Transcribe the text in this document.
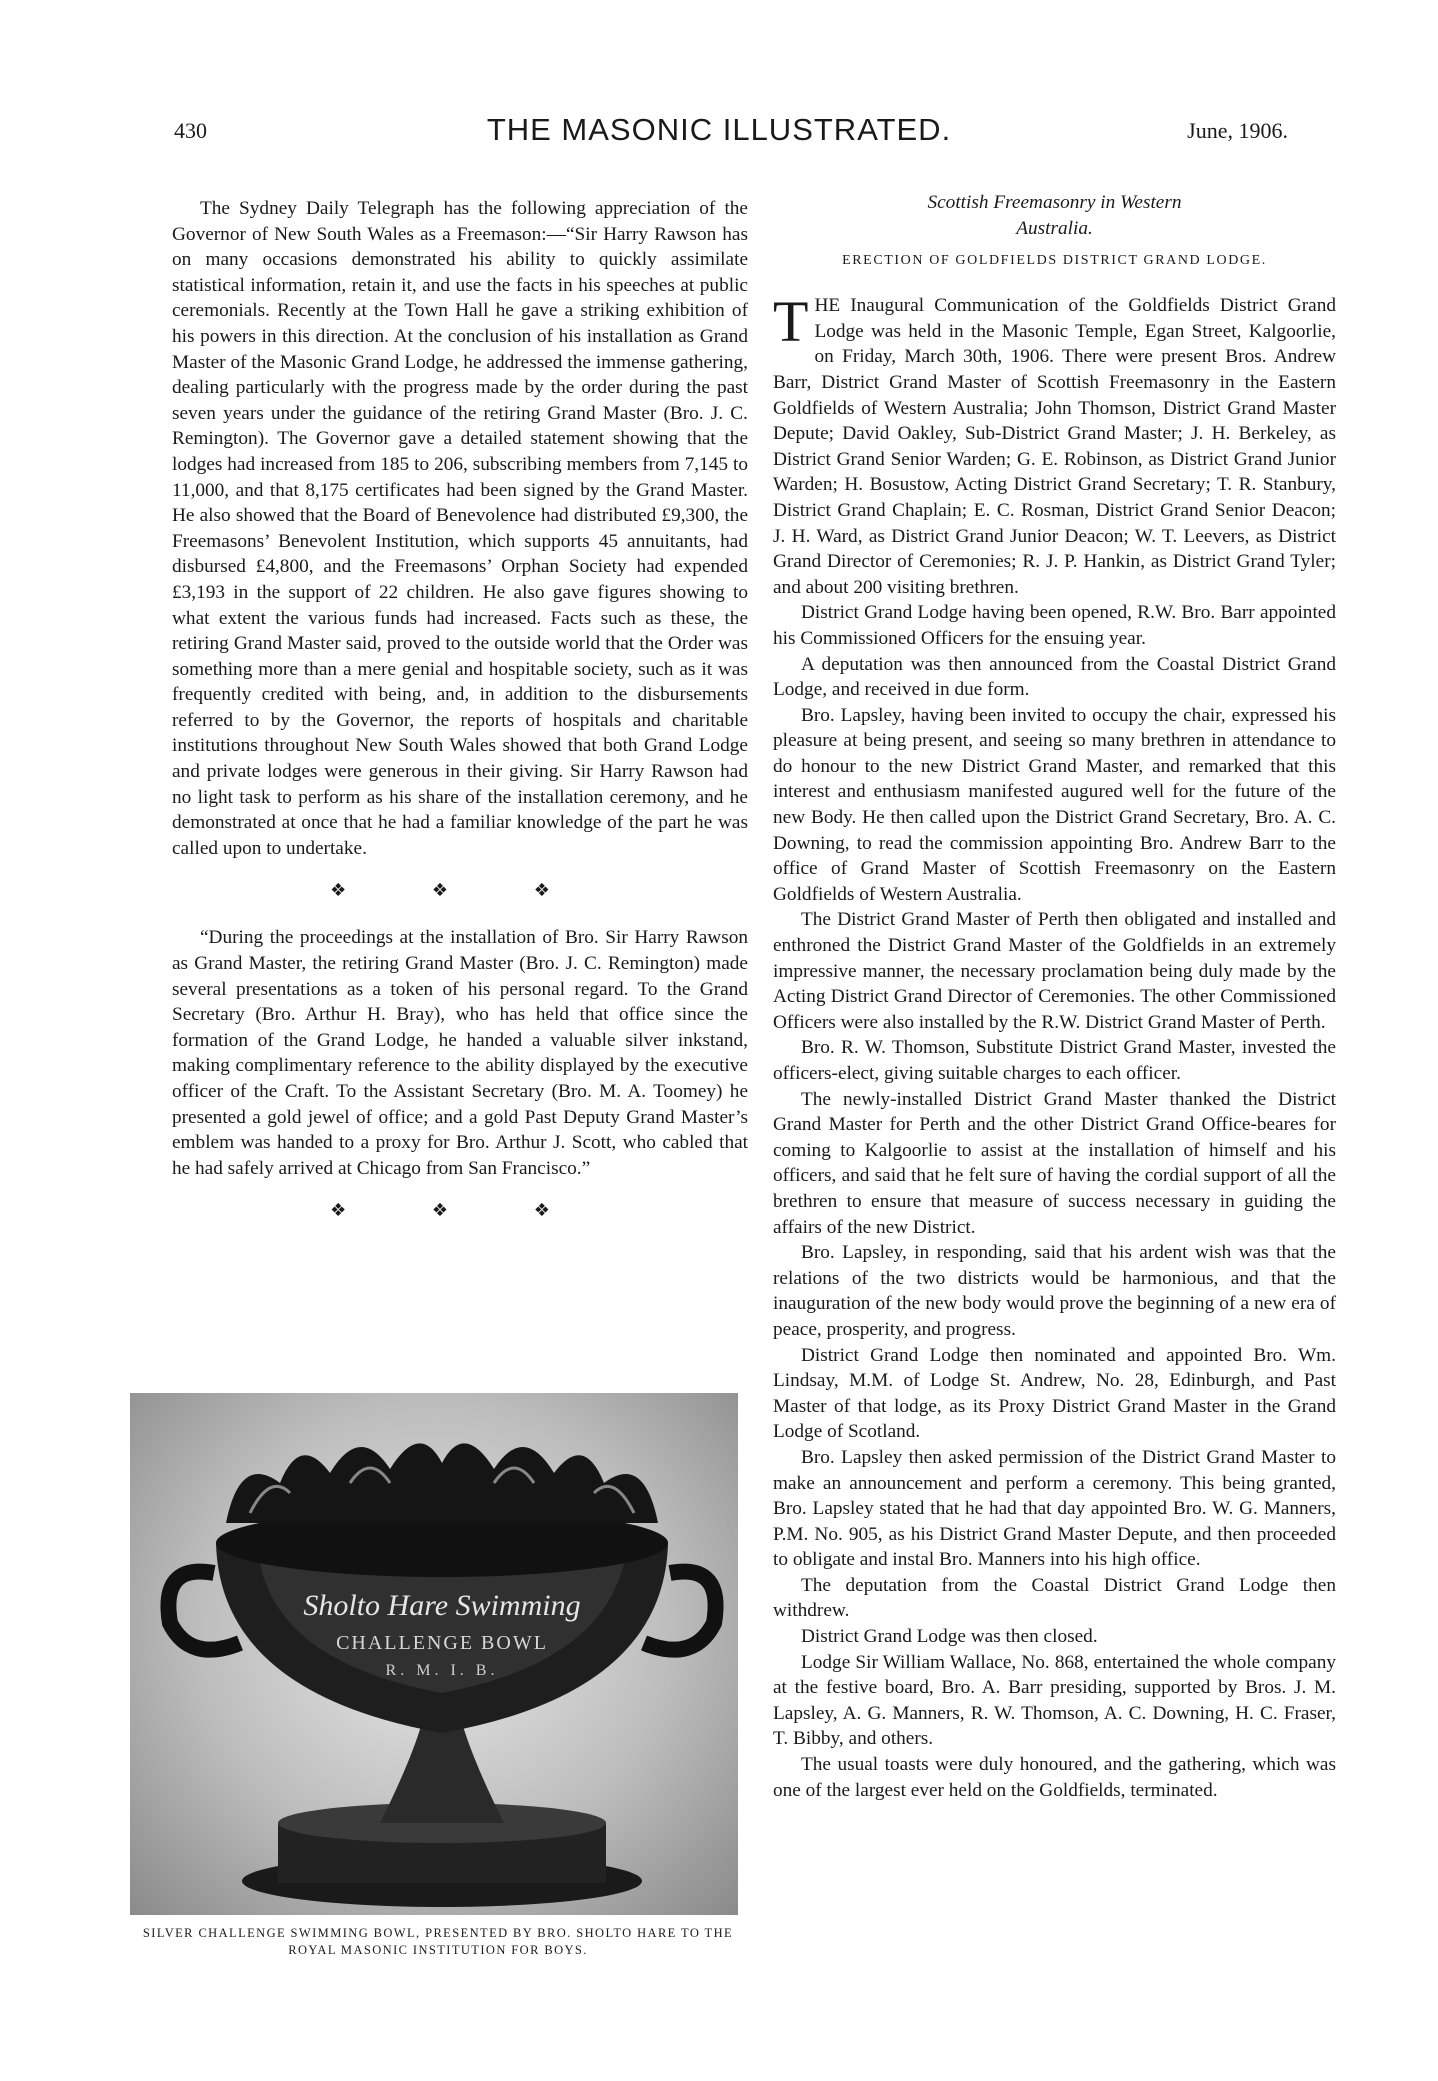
430	THE MASONIC ILLUSTRATED.	June, 1906.

The Sydney Daily Telegraph has the following appreciation of the Governor of New South Wales as a Freemason:—“Sir Harry Rawson has on many occasions demonstrated his ability to quickly assimilate statistical information, retain it, and use the facts in his speeches at public ceremonials. Recently at the Town Hall he gave a striking exhibition of his powers in this direction. At the conclusion of his installation as Grand Master of the Masonic Grand Lodge, he addressed the immense gathering, dealing particularly with the progress made by the order during the past seven years under the guidance of the retiring Grand Master (Bro. J. C. Remington). The Governor gave a detailed statement showing that the lodges had increased from 185 to 206, subscribing members from 7,145 to 11,000, and that 8,175 certificates had been signed by the Grand Master. He also showed that the Board of Benevolence had distributed £9,300, the Freemasons’ Benevolent Institution, which supports 45 annuitants, had disbursed £4,800, and the Freemasons’ Orphan Society had expended £3,193 in the support of 22 children. He also gave figures showing to what extent the various funds had increased. Facts such as these, the retiring Grand Master said, proved to the outside world that the Order was something more than a mere genial and hospitable society, such as it was frequently credited with being, and, in addition to the disbursements referred to by the Governor, the reports of hospitals and charitable institutions throughout New South Wales showed that both Grand Lodge and private lodges were generous in their giving. Sir Harry Rawson had no light task to perform as his share of the installation ceremony, and he demonstrated at once that he had a familiar knowledge of the part he was called upon to undertake.

❖ ❖ ❖

“During the proceedings at the installation of Bro. Sir Harry Rawson as Grand Master, the retiring Grand Master (Bro. J. C. Remington) made several presentations as a token of his personal regard. To the Grand Secretary (Bro. Arthur H. Bray), who has held that office since the formation of the Grand Lodge, he handed a valuable silver inkstand, making complimentary reference to the ability displayed by the executive officer of the Craft. To the Assistant Secretary (Bro. M. A. Toomey) he presented a gold jewel of office; and a gold Past Deputy Grand Master’s emblem was handed to a proxy for Bro. Arthur J. Scott, who cabled that he had safely arrived at Chicago from San Francisco.”

❖ ❖ ❖
Sholto Hare Swimming
CHALLENGE BOWL
R. M. I. B.
SILVER CHALLENGE SWIMMING BOWL, PRESENTED BY BRO. SHOLTO HARE TO THE ROYAL MASONIC INSTITUTION FOR BOYS.

Scottish Freemasonry in Western

Australia.

ERECTION OF GOLDFIELDS DISTRICT GRAND LODGE.

THE Inaugural Communication of the Goldfields District Grand Lodge was held in the Masonic Temple, Egan Street, Kalgoorlie, on Friday, March 30th, 1906. There were present Bros. Andrew Barr, District Grand Master of Scottish Freemasonry in the Eastern Goldfields of Western Australia; John Thomson, District Grand Master Depute; David Oakley, Sub-District Grand Master; J. H. Berkeley, as District Grand Senior Warden; G. E. Robinson, as District Grand Junior Warden; H. Bosustow, Acting District Grand Secretary; T. R. Stanbury, District Grand Chaplain; E. C. Rosman, District Grand Senior Deacon; J. H. Ward, as District Grand Junior Deacon; W. T. Leevers, as District Grand Director of Ceremonies; R. J. P. Hankin, as District Grand Tyler; and about 200 visiting brethren.

District Grand Lodge having been opened, R.W. Bro. Barr appointed his Commissioned Officers for the ensuing year.

A deputation was then announced from the Coastal District Grand Lodge, and received in due form.

Bro. Lapsley, having been invited to occupy the chair, expressed his pleasure at being present, and seeing so many brethren in attendance to do honour to the new District Grand Master, and remarked that this interest and enthusiasm manifested augured well for the future of the new Body. He then called upon the District Grand Secretary, Bro. A. C. Downing, to read the commission appointing Bro. Andrew Barr to the office of Grand Master of Scottish Freemasonry on the Eastern Goldfields of Western Australia.

The District Grand Master of Perth then obligated and installed and enthroned the District Grand Master of the Goldfields in an extremely impressive manner, the necessary proclamation being duly made by the Acting District Grand Director of Ceremonies. The other Commissioned Officers were also installed by the R.W. District Grand Master of Perth.

Bro. R. W. Thomson, Substitute District Grand Master, invested the officers-elect, giving suitable charges to each officer.

The newly-installed District Grand Master thanked the District Grand Master for Perth and the other District Grand Office-beares for coming to Kalgoorlie to assist at the installation of himself and his officers, and said that he felt sure of having the cordial support of all the brethren to ensure that measure of success necessary in guiding the affairs of the new District.

Bro. Lapsley, in responding, said that his ardent wish was that the relations of the two districts would be harmonious, and that the inauguration of the new body would prove the beginning of a new era of peace, prosperity, and progress.

District Grand Lodge then nominated and appointed Bro. Wm. Lindsay, M.M. of Lodge St. Andrew, No. 28, Edinburgh, and Past Master of that lodge, as its Proxy District Grand Master in the Grand Lodge of Scotland.

Bro. Lapsley then asked permission of the District Grand Master to make an announcement and perform a ceremony. This being granted, Bro. Lapsley stated that he had that day appointed Bro. W. G. Manners, P.M. No. 905, as his District Grand Master Depute, and then proceeded to obligate and instal Bro. Manners into his high office.

The deputation from the Coastal District Grand Lodge then withdrew.

District Grand Lodge was then closed.

Lodge Sir William Wallace, No. 868, entertained the whole company at the festive board, Bro. A. Barr presiding, supported by Bros. J. M. Lapsley, A. G. Manners, R. W. Thomson, A. C. Downing, H. C. Fraser, T. Bibby, and others.

The usual toasts were duly honoured, and the gathering, which was one of the largest ever held on the Goldfields, terminated.
